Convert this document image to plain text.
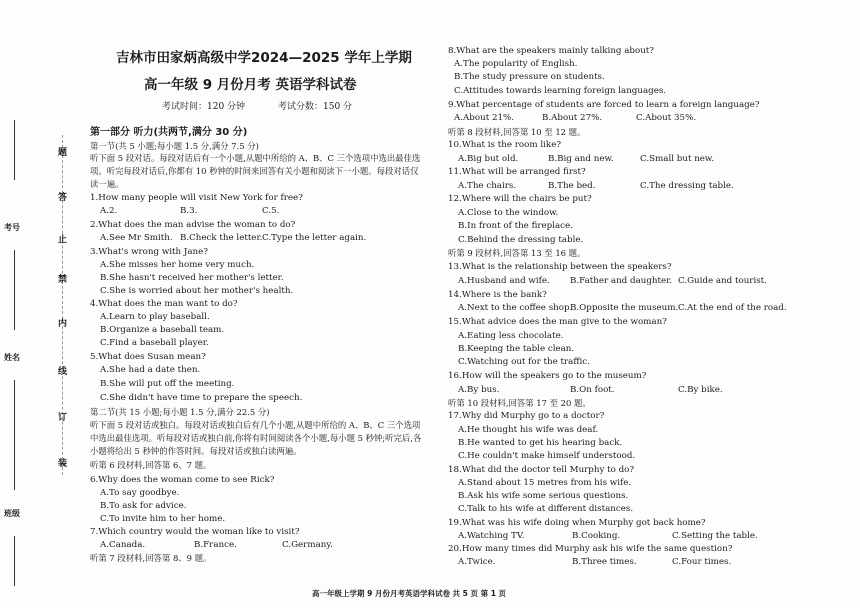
考号
姓名
班级
题
答
止
禁
内
线
订
装
吉林市田家炳高级中学2024—2025 学年上学期
高一年级 9 月份月考 英语学科试卷
考试时间：120 分钟	考试分数：150 分
第一部分 听力(共两节,满分 30 分)
第一节(共 5 小题;每小题 1.5 分,满分 7.5 分)
听下面 5 段对话。每段对话后有一个小题,从题中所给的 A、B、C 三个选项中选出最佳选
项。听完每段对话后,你都有 10 秒钟的时间来回答有关小题和阅读下一小题。每段对话仅
读一遍。
1.How many people will visit New York for free?
A.2.	B.3.	C.5.
2.What does the man advise the woman to do?
A.See Mr Smith. B.Check the letter. C.Type the letter again.
3.What's wrong with Jane?
A.She misses her home very much.
B.She hasn't received her mother's letter.
C.She is worried about her mother's health.
4.What does the man want to do?
A.Learn to play baseball.
B.Organize a baseball team.
C.Find a baseball player.
5.What does Susan mean?
A.She had a date then.
B.She will put off the meeting.
C.She didn't have time to prepare the speech.
第二节(共 15 小题;每小题 1.5 分,满分 22.5 分)
听下面 5 段对话或独白。每段对话或独白后有几个小题,从题中所给的 A、B、C 三个选项
中选出最佳选项。听每段对话或独白前,你将有时间阅读各个小题,每小题 5 秒钟;听完后,各
小题将给出 5 秒钟的作答时间。每段对话或独白读两遍。
听第 6 段材料,回答第 6、7 题。
6.Why does the woman come to see Rick?
A.To say goodbye.
B.To ask for advice.
C.To invite him to her home.
7.Which country would the woman like to visit?
A.Canada.	B.France.	C.Germany.
听第 7 段材料,回答第 8、9 题。
8.What are the speakers mainly talking about?
A.The popularity of English.
B.The study pressure on students.
C.Attitudes towards learning foreign languages.
9.What percentage of students are forced to learn a foreign language?
A.About 21%.	B.About 27%.	C.About 35%.
听第 8 段材料,回答第 10 至 12 题。
10.What is the room like?
A.Big but old.	B.Big and new.	C.Small but new.
11.What will be arranged first?
A.The chairs.	B.The bed.	C.The dressing table.
12.Where will the chairs be put?
A.Close to the window.
B.In front of the fireplace.
C.Behind the dressing table.
听第 9 段材料,回答第 13 至 16 题。
13.What is the relationship between the speakers?
A.Husband and wife. B.Father and daughter. C.Guide and tourist.
14.Where is the bank?
A.Next to the coffee shop.
B.Opposite the museum. C.At the end of the road.
15.What advice does the man give to the woman?
A.Eating less chocolate.
B.Keeping the table clean.
C.Watching out for the traffic.
16.How will the speakers go to the museum?
A.By bus.	B.On foot.	C.By bike.
听第 10 段材料,回答第 17 至 20 题。
17.Why did Murphy go to a doctor?
A.He thought his wife was deaf.
B.He wanted to get his hearing back.
C.He couldn't make himself understood.
18.What did the doctor tell Murphy to do?
A.Stand about 15 metres from his wife.
B.Ask his wife some serious questions.
C.Talk to his wife at different distances.
19.What was his wife doing when Murphy got back home?
A.Watching TV.	B.Cooking.	C.Setting the table.
20.How many times did Murphy ask his wife the same question?
A.Twice.	B.Three times.	C.Four times.
高一年级上学期 9 月份月考英语学科试卷 共 5 页 第 1 页
